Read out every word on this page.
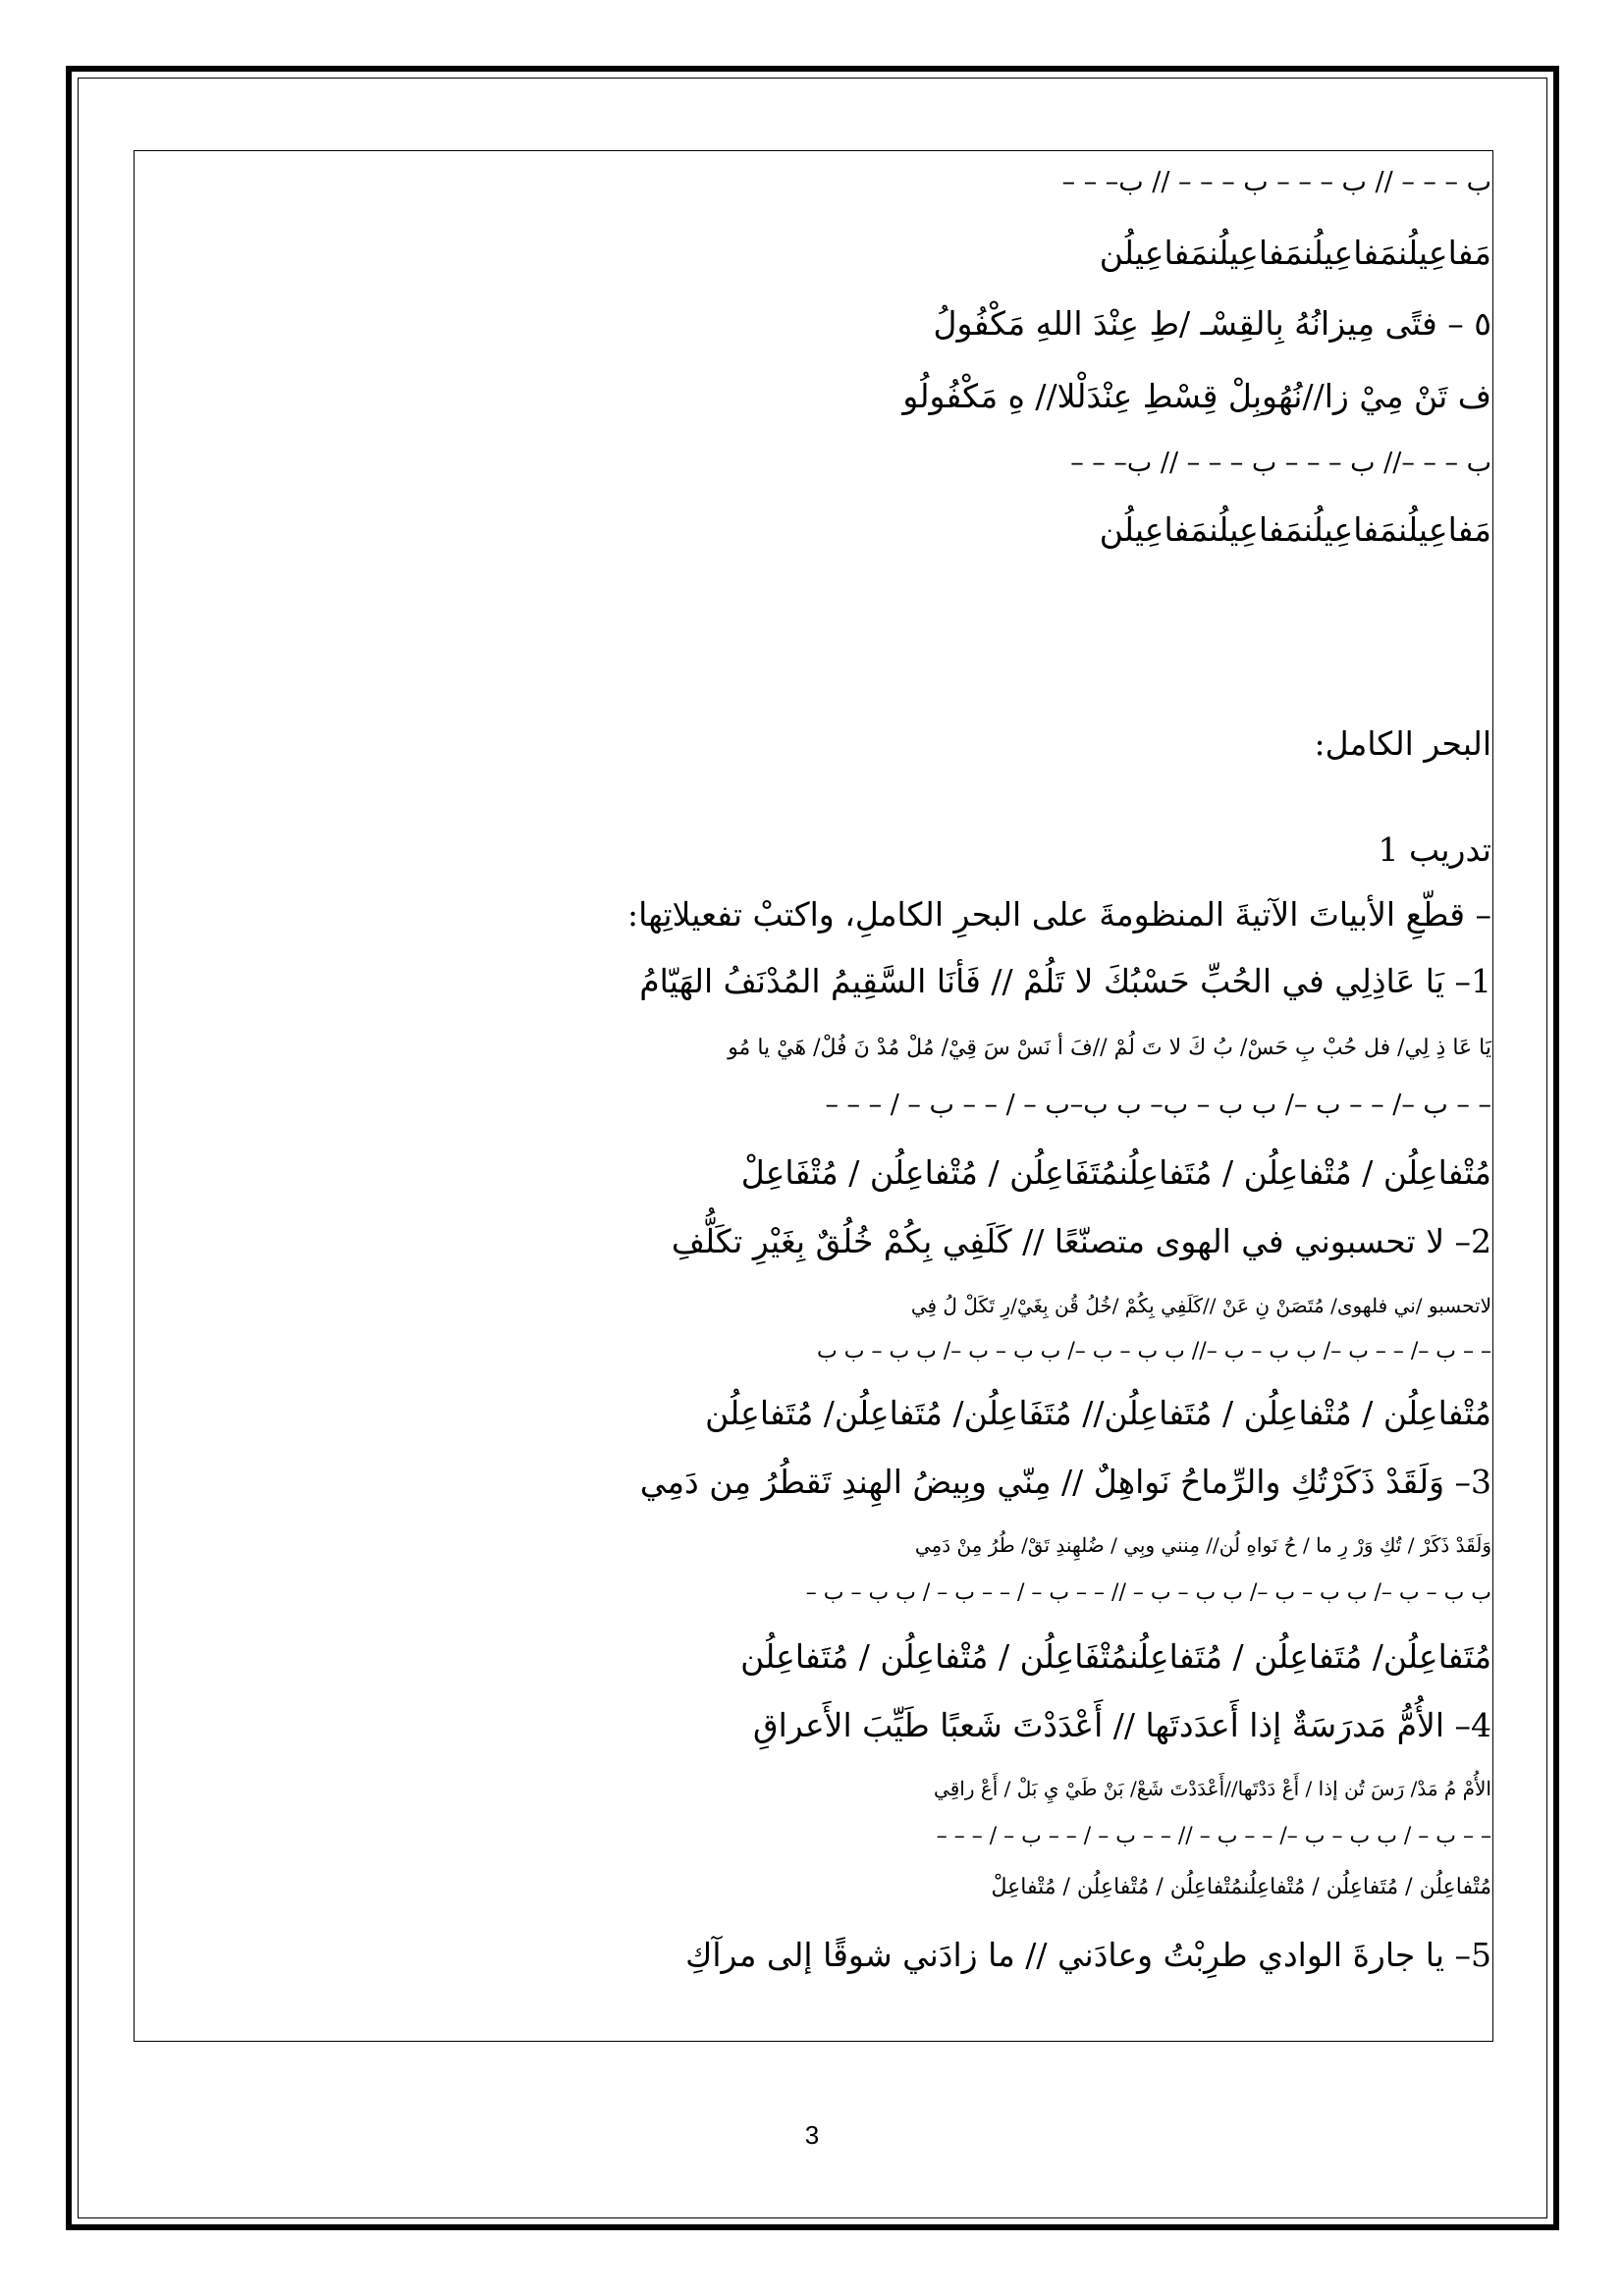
ب – – – // ب – – – ب – – – // ب– – –
مَفاعِيلُنمَفاعِيلُنمَفاعِيلُنمَفاعِيلُن
٥ – فتًى مِيزانُهُ بِالقِسْـ /طِ عِنْدَ اللهِ مَكْفُولُ
ف تَنْ مِيْ زا//نُهُوبِلْ قِسْطِ عِنْدَلْلا// هِ مَكْفُولُو
ب – – –// ب – – – ب – – – // ب– – –
مَفاعِيلُنمَفاعِيلُنمَفاعِيلُنمَفاعِيلُن
البحر الكامل:
تدريب 1
– قطّعِ الأبياتَ الآتيةَ المنظومةَ على البحرِ الكاملِ، واكتبْ تفعيلاتِها:
1– يَا عَاذِلِي في الحُبِّ حَسْبُكَ لا تَلُمْ // فَأنَا السَّقِيمُ المُدْنَفُ الهَيّامُ
يَا عَا ذِ لِي/ فل حُبْ بِ حَسْ/ بُ كَ لا تَ لُمْ //فَ أ نَسْ سَ قِيْ/ مُلْ مُدْ نَ فُلْ/ هَيْ يا مُو
– – ب –/ – – ب –/ ب ب – ب– ب ب–ب – / – – ب – / – – –
مُتْفاعِلُن / مُتْفاعِلُن / مُتَفاعِلُنمُتَفَاعِلُن / مُتْفاعِلُن / مُتْفَاعِلْ
2– لا تحسبوني في الهوى متصنّعًا // كَلَفِي بِكُمْ خُلُقٌ بِغَيْرِ تكَلُّفِ
لاتحسبو /ني فلهوى/ مُتَصَنْ نِ عَنْ //كَلَفِي بِكُمْ /خُلُ قُن بِغَيْ/رِ تَكَلْ لُ فِي
– – ب –/ – – ب –/ ب ب – ب –// ب ب – ب –/ ب ب – ب –/ ب ب – ب ب
مُتْفاعِلُن / مُتْفاعِلُن / مُتَفاعِلُن// مُتَفَاعِلُن/ مُتَفاعِلُن/ مُتَفاعِلُن
3– وَلَقَدْ ذَكَرْتُكِ والرِّماحُ نَواهِلٌ // مِنّي وبِيضُ الهِندِ تَقطُرُ مِن دَمِي
وَلَقَدْ ذَكَرْ / تُكِ وَرْ رِ ما / حُ نَواهِ لُن// مِنني وبِي / ضُلهِندِ تَقْ/ طُرُ مِنْ دَمِي
ب ب – ب –/ ب ب – ب –/ ب ب – ب – // – – ب – / – – ب – / ب ب – ب –
مُتَفاعِلُن/ مُتَفاعِلُن / مُتَفاعِلُنمُتْفَاعِلُن / مُتْفاعِلُن / مُتَفاعِلُن
4– الأُمُّ مَدرَسَةٌ إذا أَعدَدتَها // أَعْدَدْتَ شَعبًا طَيِّبَ الأَعراقِ
الأُمْ مُ مَدْ/ رَسَ تُن إذا / أَعْ دَدْتَها//أَعْدَدْتَ شَعْ/ بَنْ طَيْ يِ بَلْ / أَعْ راقِي
– – ب – / ب ب – ب –/ – – ب – // – – ب – / – – ب – / – – –
مُتْفاعِلُن / مُتَفاعِلُن / مُتْفاعِلُنمُتْفاعِلُن / مُتْفاعِلُن / مُتْفاعِلْ
5– يا جارةَ الوادي طرِبْتُ وعادَني // ما زادَني شوقًا إلى مرآكِ
3
